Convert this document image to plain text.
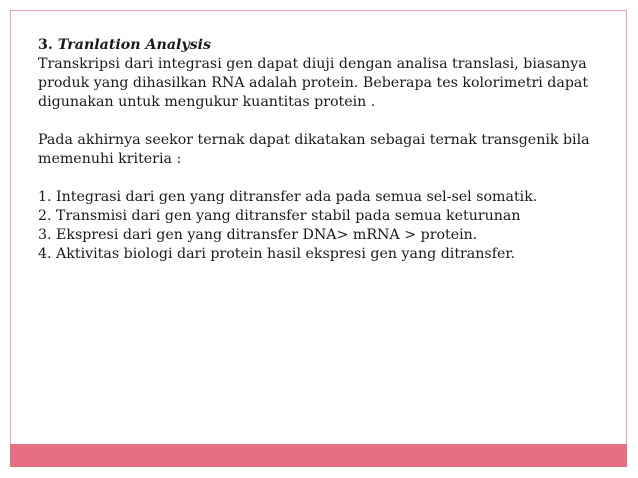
3. Tranlation Analysis

Transkripsi dari integrasi gen dapat diuji dengan analisa translasi, biasanya produk yang dihasilkan RNA adalah protein. Beberapa tes kolorimetri dapat digunakan untuk mengukur kuantitas protein .

Pada akhirnya seekor ternak dapat dikatakan sebagai ternak transgenik bila memenuhi kriteria :

1. Integrasi dari gen yang ditransfer ada pada semua sel-sel somatik.
2. Transmisi dari gen yang ditransfer stabil pada semua keturunan
3. Ekspresi dari gen yang ditransfer DNA> mRNA > protein.
4. Aktivitas biologi dari protein hasil ekspresi gen yang ditransfer.
